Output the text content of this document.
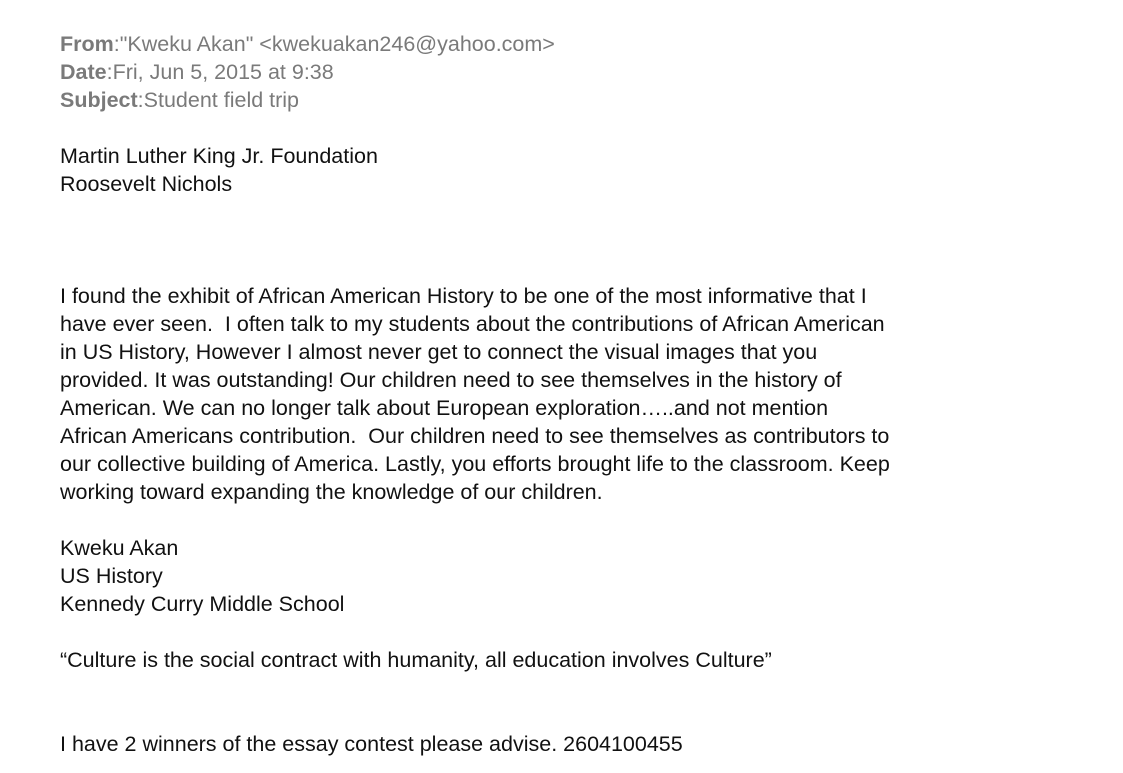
From:"Kweku Akan" <kwekuakan246@yahoo.com>
Date:Fri, Jun 5, 2015 at 9:38
Subject:Student field trip
Martin Luther King Jr. Foundation
Roosevelt Nichols
I found the exhibit of African American History to be one of the most informative that I
have ever seen.  I often talk to my students about the contributions of African American
in US History, However I almost never get to connect the visual images that you
provided. It was outstanding! Our children need to see themselves in the history of
American. We can no longer talk about European exploration…..and not mention
African Americans contribution.  Our children need to see themselves as contributors to
our collective building of America. Lastly, you efforts brought life to the classroom. Keep
working toward expanding the knowledge of our children.
Kweku Akan
US History
Kennedy Curry Middle School
“Culture is the social contract with humanity, all education involves Culture”
I have 2 winners of the essay contest please advise. 2604100455
